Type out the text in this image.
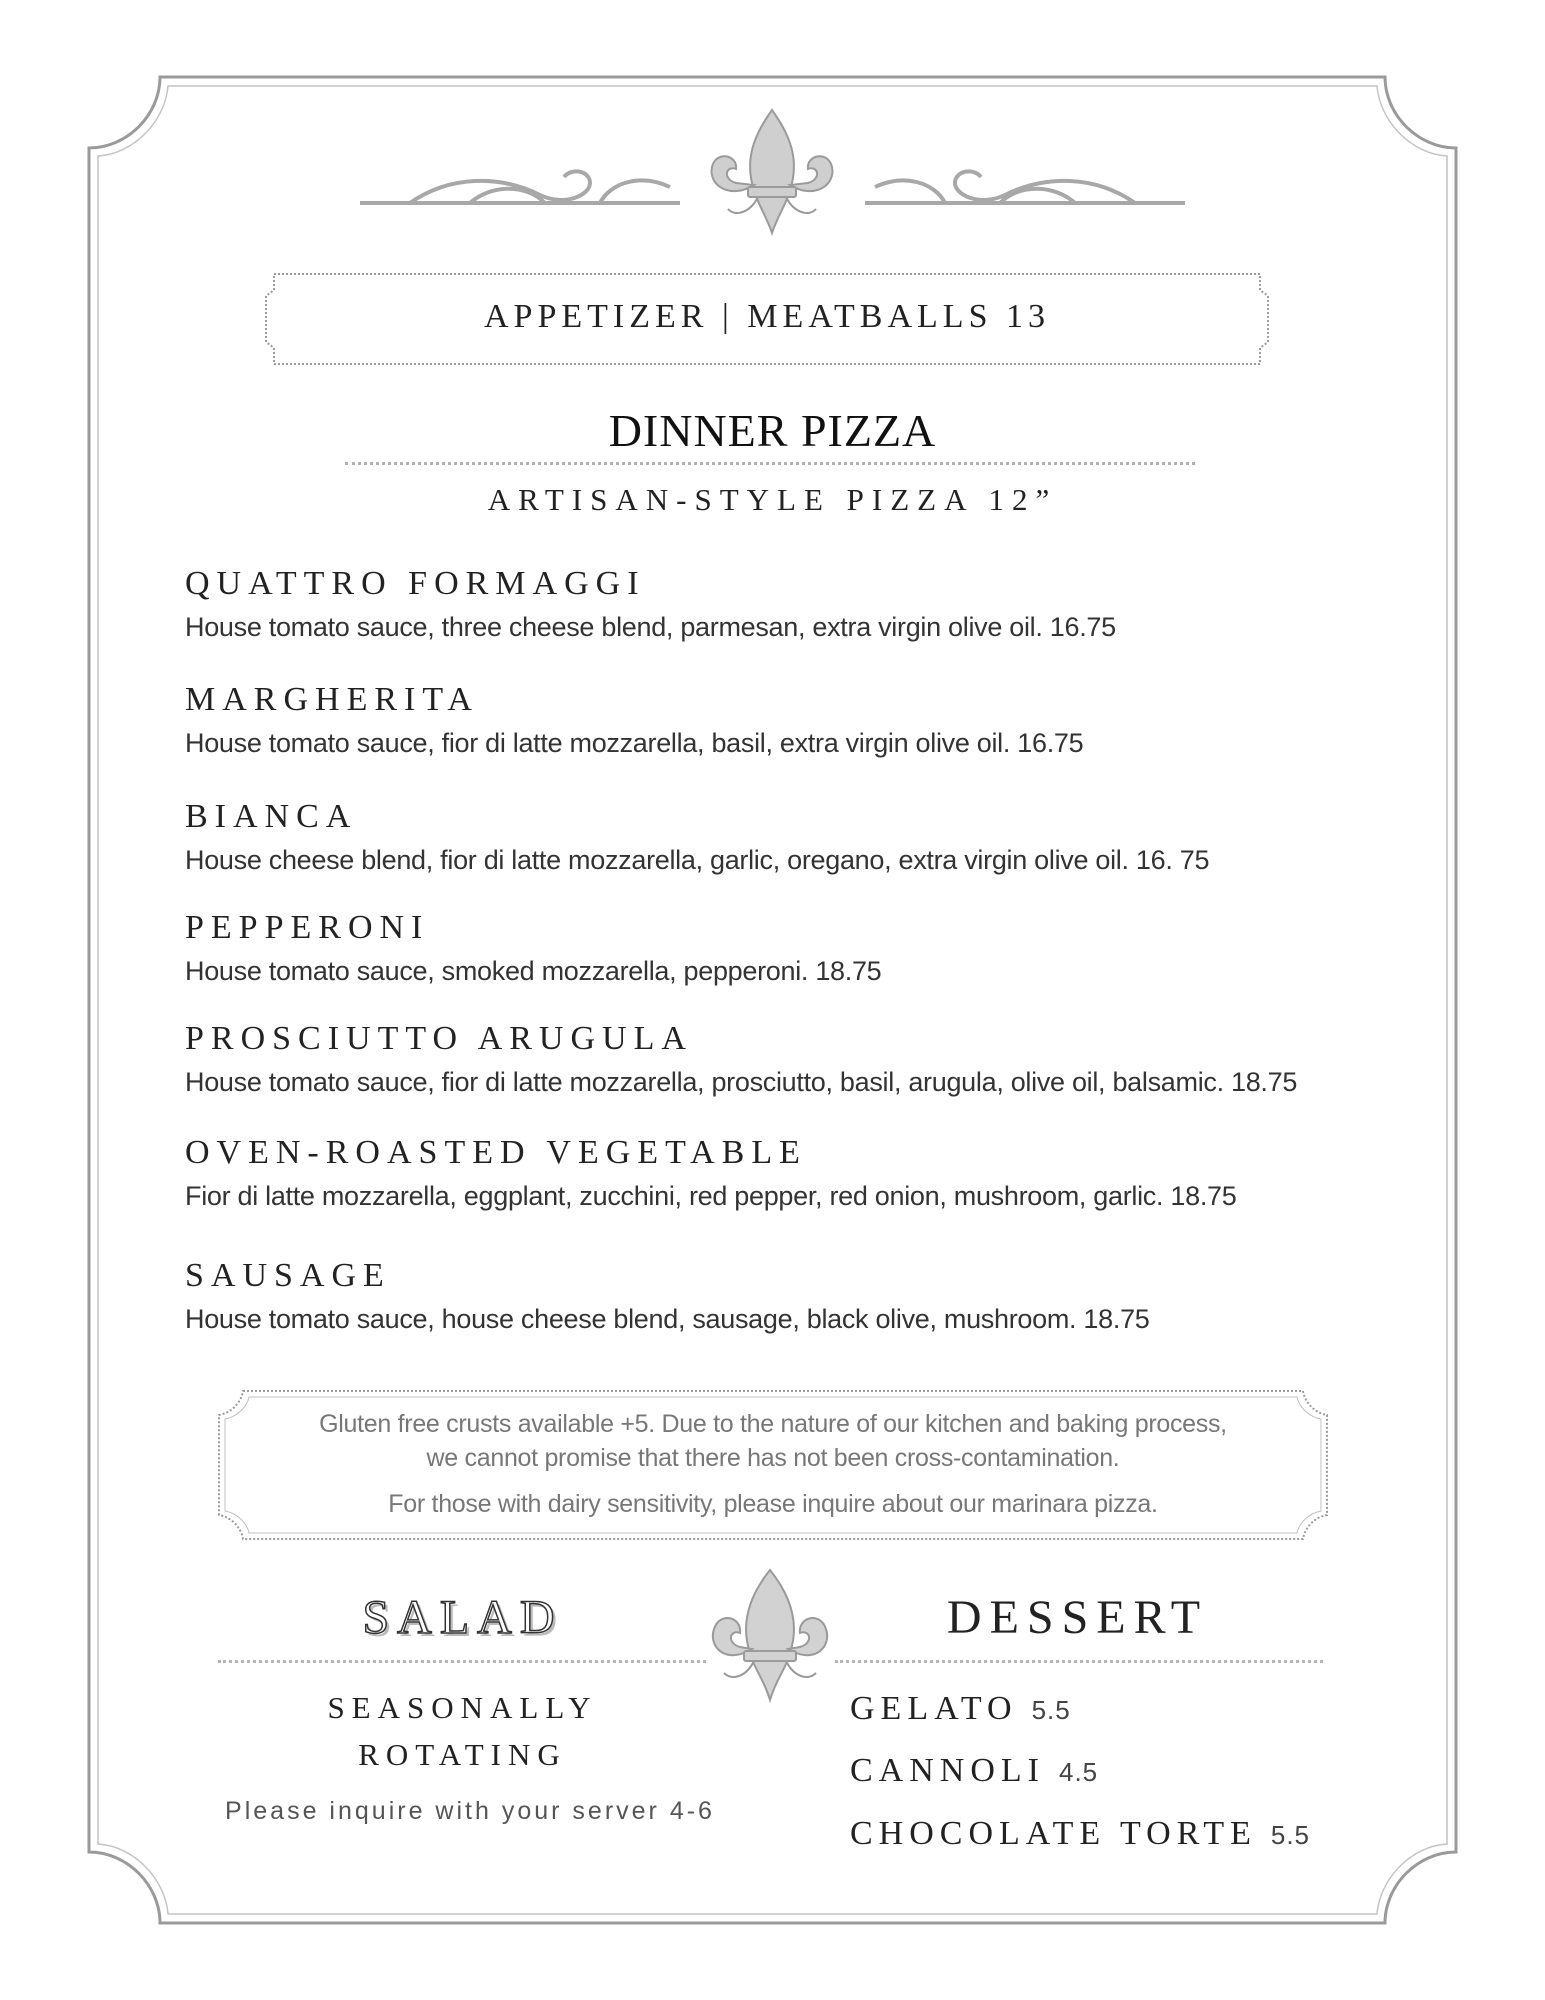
APPETIZER | MEATBALLS 13
DINNER PIZZA
ARTISAN-STYLE PIZZA 12”
QUATTRO FORMAGGI
House tomato sauce, three cheese blend, parmesan, extra virgin olive oil. 16.75
MARGHERITA
House tomato sauce, fior di latte mozzarella, basil, extra virgin olive oil. 16.75
BIANCA
House cheese blend, fior di latte mozzarella, garlic, oregano, extra virgin olive oil. 16. 75
PEPPERONI
House tomato sauce, smoked mozzarella, pepperoni. 18.75
PROSCIUTTO ARUGULA
House tomato sauce, fior di latte mozzarella, prosciutto, basil, arugula, olive oil, balsamic. 18.75
OVEN-ROASTED VEGETABLE
Fior di latte mozzarella, eggplant, zucchini, red pepper, red onion, mushroom, garlic. 18.75
SAUSAGE
House tomato sauce, house cheese blend, sausage, black olive, mushroom. 18.75
Gluten free crusts available +5. Due to the nature of our kitchen and baking process,
we cannot promise that there has not been cross-contamination.
For those with dairy sensitivity, please inquire about our marinara pizza.
SALAD
SEASONALLY
ROTATING
Please inquire with your server 4-6
DESSERT
GELATO 5.5
CANNOLI 4.5
CHOCOLATE TORTE 5.5
